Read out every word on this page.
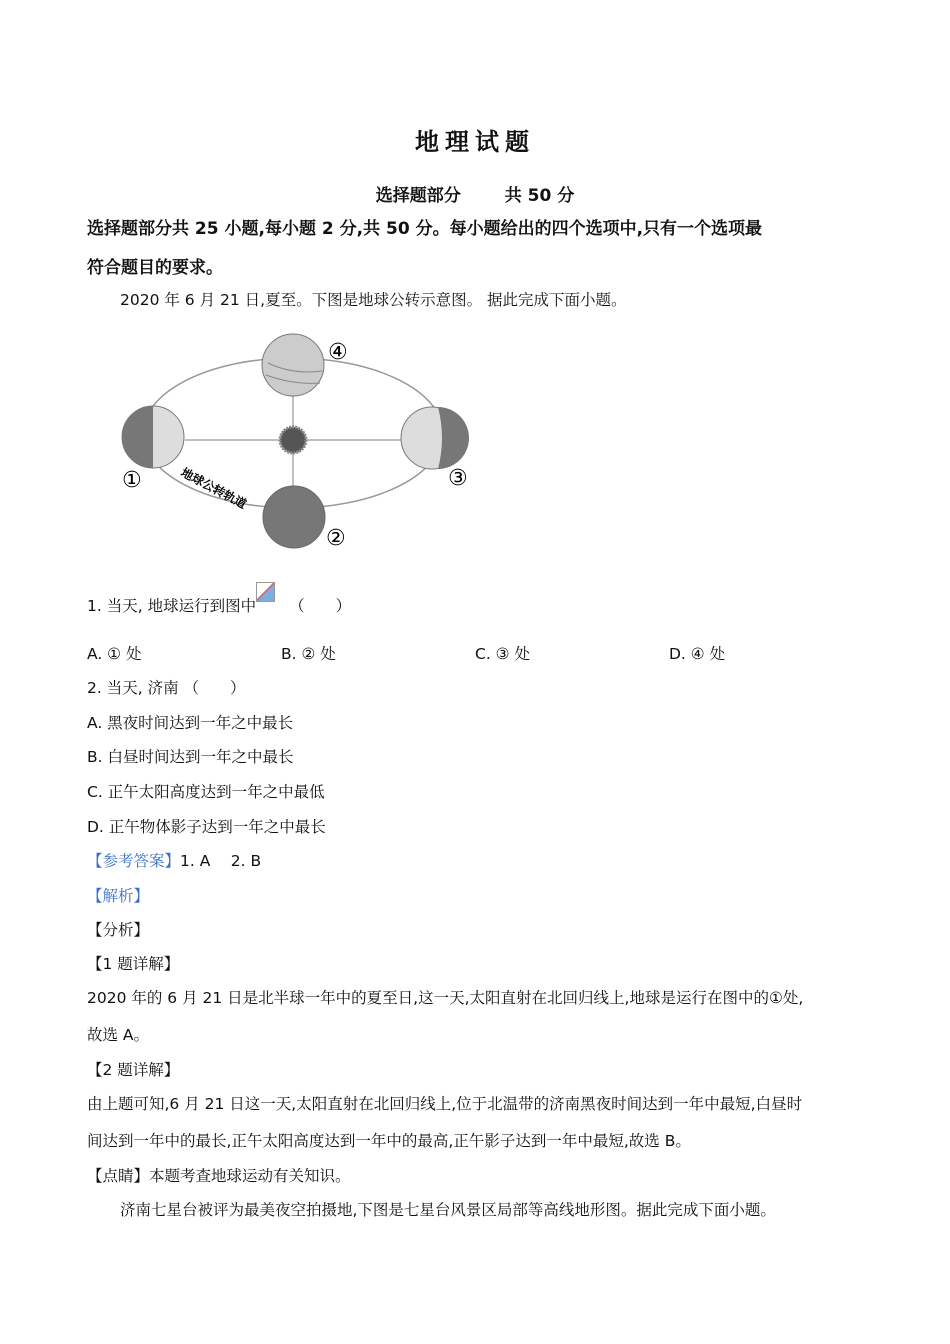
地理试题
选择题部分	共 50 分
选择题部分共 25 小题,每小题 2 分,共 50 分。每小题给出的四个选项中,只有一个选项最
符合题目的要求。
2020 年 6 月 21 日,夏至。下图是地球公转示意图。 据此完成下面小题。
①
②
③
④
地球公转轨道
1. 当天, 地球运行到图中 （　　）
A. ① 处	B. ② 处	C. ③ 处	D. ④ 处
2. 当天, 济南 （　　）
A. 黑夜时间达到一年之中最长
B. 白昼时间达到一年之中最长
C. 正午太阳高度达到一年之中最低
D. 正午物体影子达到一年之中最长
【参考答案】1. A　 2. B
【解析】
【分析】
【1 题详解】
2020 年的 6 月 21 日是北半球一年中的夏至日,这一天,太阳直射在北回归线上,地球是运行在图中的①处,
故选 A。
【2 题详解】
由上题可知,6 月 21 日这一天,太阳直射在北回归线上,位于北温带的济南黑夜时间达到一年中最短,白昼时
间达到一年中的最长,正午太阳高度达到一年中的最高,正午影子达到一年中最短,故选 B。
【点睛】本题考查地球运动有关知识。
济南七星台被评为最美夜空拍摄地,下图是七星台风景区局部等高线地形图。据此完成下面小题。
